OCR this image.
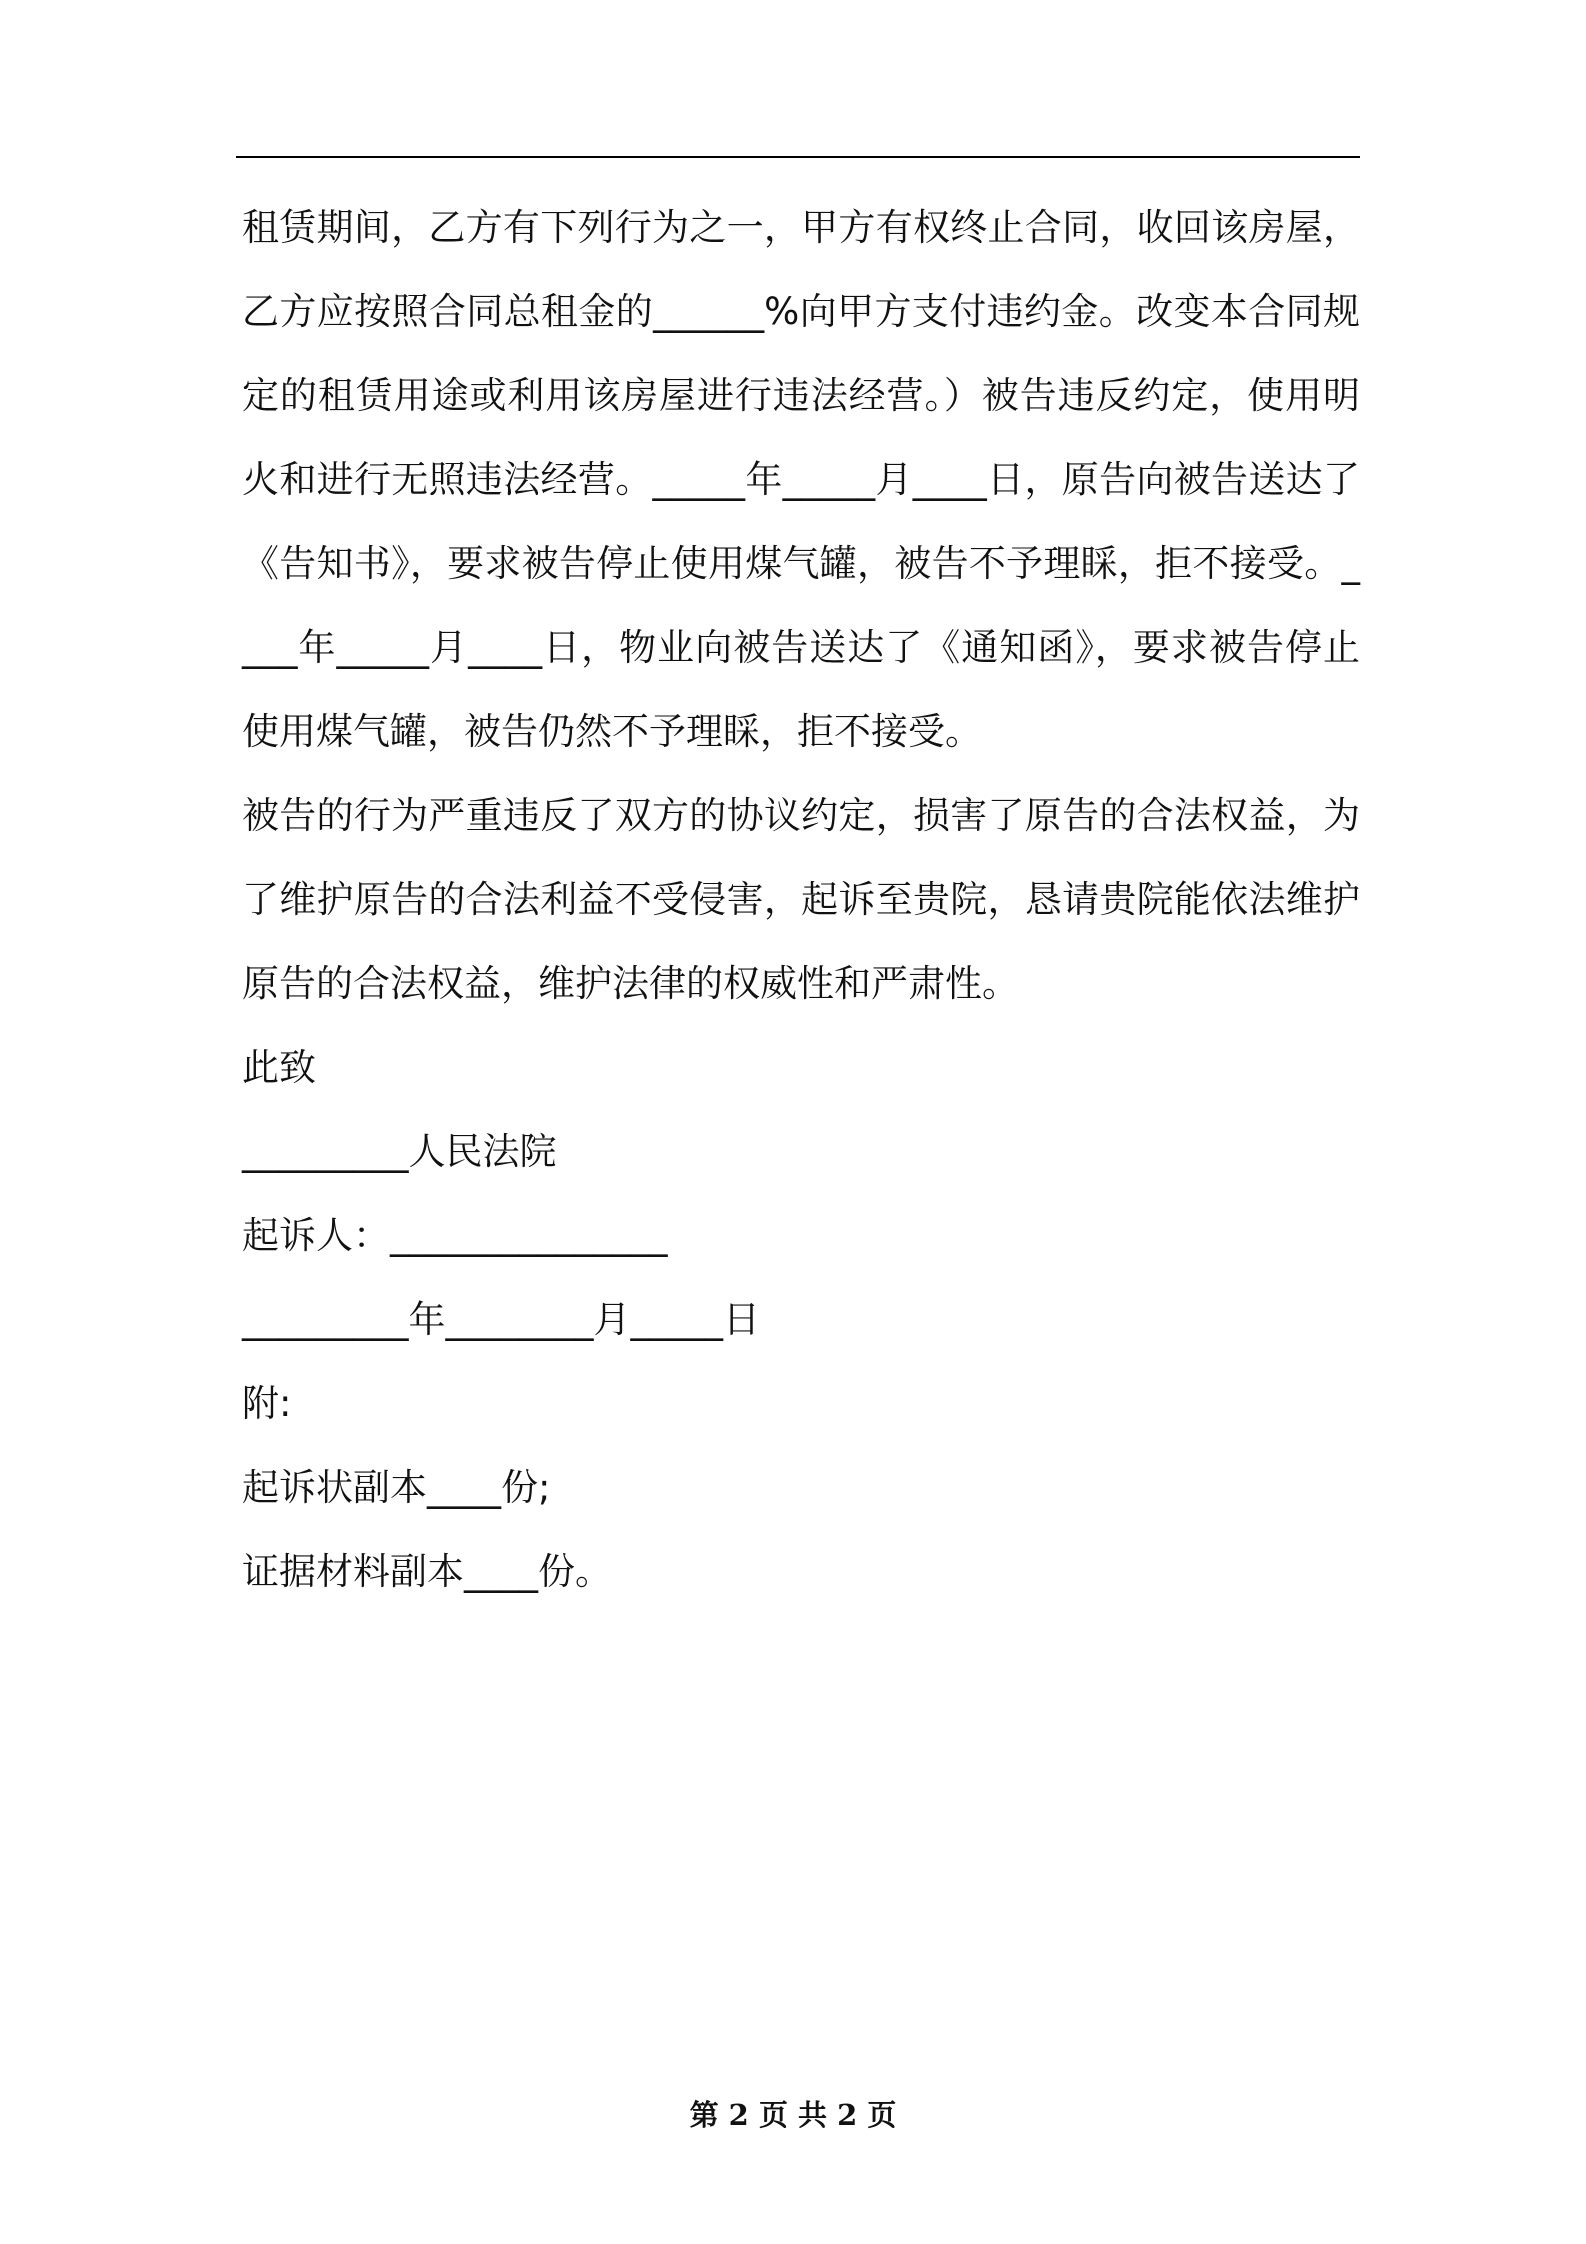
租赁期间，乙方有下列行为之一，甲方有权终止合同，收回该房屋，乙方应按照合同总租金的______%向甲方支付违约金。改变本合同规定的租赁用途或利用该房屋进行违法经营。）被告违反约定，使用明火和进行无照违法经营。_____年_____月____日，原告向被告送达了《告知书》，要求被告停止使用煤气罐，被告不予理睬，拒不接受。____年_____月____日，物业向被告送达了《通知函》，要求被告停止使用煤气罐，被告仍然不予理睬，拒不接受。

被告的行为严重违反了双方的协议约定，损害了原告的合法权益，为了维护原告的合法利益不受侵害，起诉至贵院，恳请贵院能依法维护原告的合法权益，维护法律的权威性和严肃性。

此致

_________人民法院

起诉人：_______________

_________年________月_____日

附:

起诉状副本____份;

证据材料副本____份。

第 2 页 共 2 页
